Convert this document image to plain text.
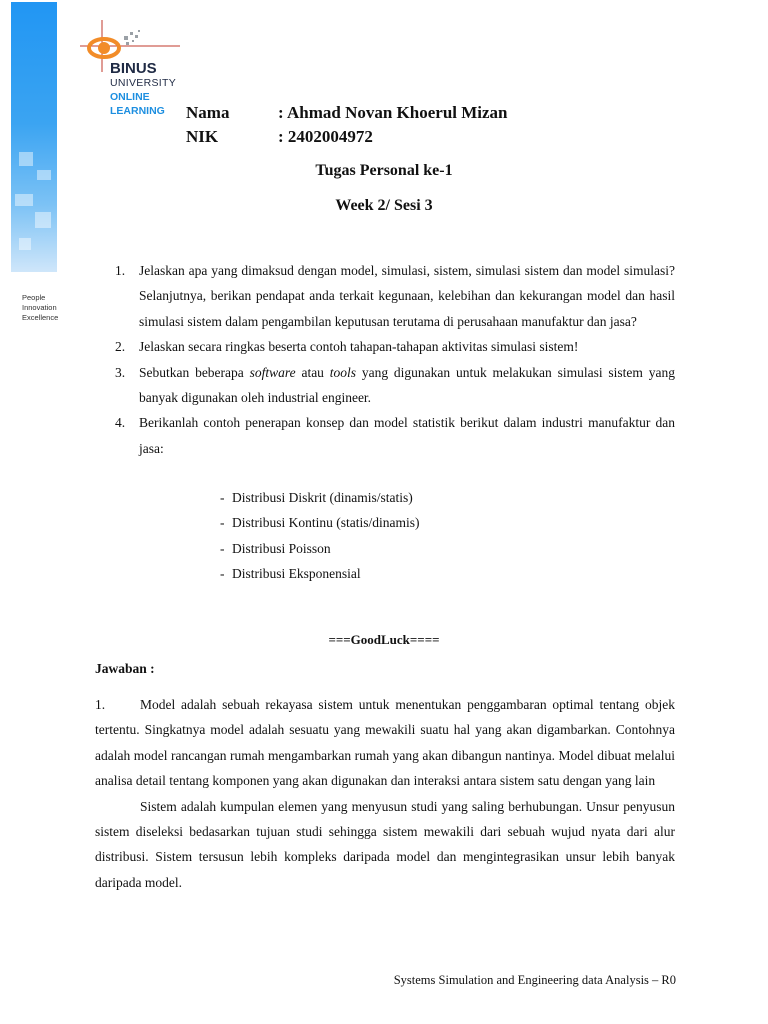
People
Innovation
Excellence
BINUS
UNIVERSITY
ONLINE
LEARNING Nama	: Ahmad Novan Khoerul Mizan
NIK	: 2402004972
Tugas Personal ke-1
Week 2/ Sesi 3
1. Jelaskan apa yang dimaksud dengan model, simulasi, sistem, simulasi sistem dan model simulasi? Selanjutnya, berikan pendapat anda terkait kegunaan, kelebihan dan kekurangan model dan hasil simulasi sistem dalam pengambilan keputusan terutama di perusahaan manufaktur dan jasa?
2. Jelaskan secara ringkas beserta contoh tahapan-tahapan aktivitas simulasi sistem!
3. Sebutkan beberapa software atau tools yang digunakan untuk melakukan simulasi sistem yang banyak digunakan oleh industrial engineer.
4. Berikanlah contoh penerapan konsep dan model statistik berikut dalam industri manufaktur dan jasa:
- Distribusi Diskrit (dinamis/statis)
- Distribusi Kontinu (statis/dinamis)
- Distribusi Poisson
- Distribusi Eksponensial
===GoodLuck====
Jawaban :

1.	Model adalah sebuah rekayasa sistem untuk menentukan penggambaran optimal tentang objek tertentu. Singkatnya model adalah sesuatu yang mewakili suatu hal yang akan digambarkan. Contohnya adalah model rancangan rumah mengambarkan rumah yang akan dibangun nantinya. Model dibuat melalui analisa detail tentang komponen yang akan digunakan dan interaksi antara sistem satu dengan yang lain

Sistem adalah kumpulan elemen yang menyusun studi yang saling berhubungan. Unsur penyusun sistem diseleksi bedasarkan tujuan studi sehingga sistem mewakili dari sebuah wujud nyata dari alur distribusi. Sistem tersusun lebih kompleks daripada model dan mengintegrasikan unsur lebih banyak daripada model.

Systems Simulation and Engineering data Analysis – R0
